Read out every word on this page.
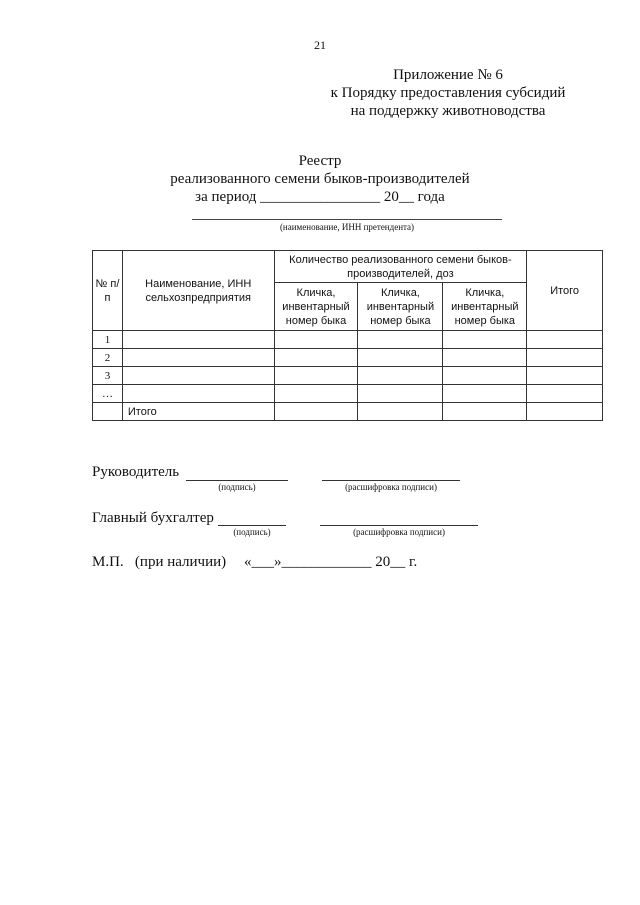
21
Приложение № 6
к Порядку предоставления субсидий
на поддержку животноводства
Реестр
реализованного семени быков-производителей
за период ________________ 20__ года
(наименование, ИНН претендента)
№ п/п	Наименование, ИНН сельхозпредприятия	Количество реализованного семени быков-производителей, доз			Итого
		Кличка, инвентарный номер быка	Кличка, инвентарный номер быка	Кличка, инвентарный номер быка	
1					
2					
3					
…					
	Итого				
Руководитель
(подпись)	(расшифровка подписи)
Главный бухгалтер
(подпись)	(расшифровка подписи)
М.П.   (при наличии) «___»____________ 20__ г.
